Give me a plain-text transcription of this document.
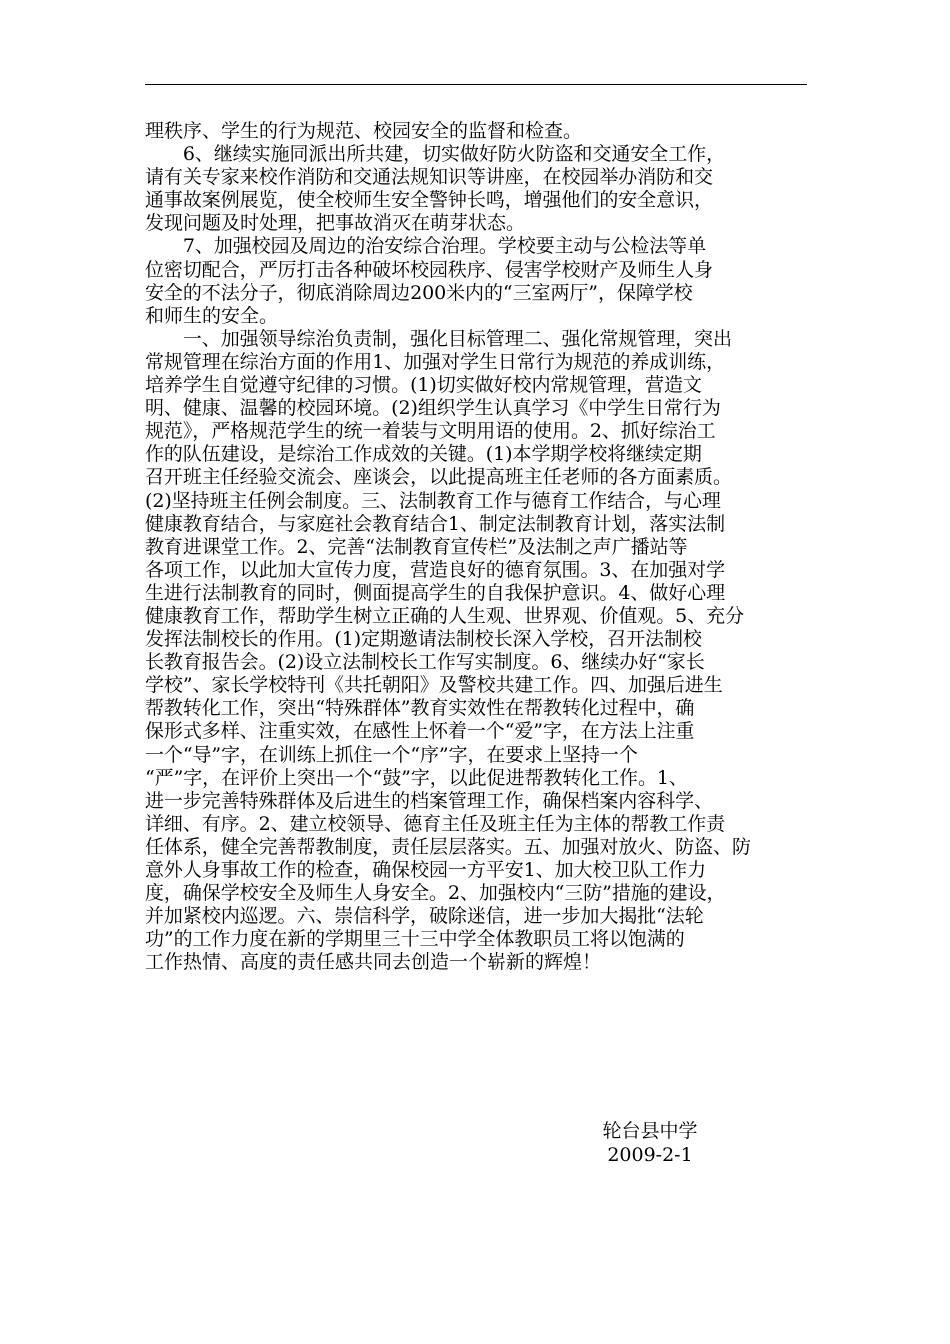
理秩序、学生的行为规范、校园安全的监督和检查。
　　6、继续实施同派出所共建，切实做好防火防盗和交通安全工作，
请有关专家来校作消防和交通法规知识等讲座，在校园举办消防和交
通事故案例展览，使全校师生安全警钟长鸣，增强他们的安全意识，
发现问题及时处理，把事故消灭在萌芽状态。
　　7、加强校园及周边的治安综合治理。学校要主动与公检法等单
位密切配合，严厉打击各种破坏校园秩序、侵害学校财产及师生人身
安全的不法分子，彻底消除周边200米内的“三室两厅”，保障学校
和师生的安全。
　　一、加强领导综治负责制，强化目标管理二、强化常规管理，突出
常规管理在综治方面的作用1、加强对学生日常行为规范的养成训练，
培养学生自觉遵守纪律的习惯。(1)切实做好校内常规管理，营造文
明、健康、温馨的校园环境。(2)组织学生认真学习《中学生日常行为
规范》，严格规范学生的统一着装与文明用语的使用。2、抓好综治工
作的队伍建设，是综治工作成效的关键。(1)本学期学校将继续定期
召开班主任经验交流会、座谈会，以此提高班主任老师的各方面素质。
(2)坚持班主任例会制度。三、法制教育工作与德育工作结合，与心理
健康教育结合，与家庭社会教育结合1、制定法制教育计划，落实法制
教育进课堂工作。2、完善“法制教育宣传栏”及法制之声广播站等
各项工作，以此加大宣传力度，营造良好的德育氛围。3、在加强对学
生进行法制教育的同时，侧面提高学生的自我保护意识。4、做好心理
健康教育工作，帮助学生树立正确的人生观、世界观、价值观。5、充分
发挥法制校长的作用。(1)定期邀请法制校长深入学校，召开法制校
长教育报告会。(2)设立法制校长工作写实制度。6、继续办好“家长
学校”、家长学校特刊《共托朝阳》及警校共建工作。四、加强后进生
帮教转化工作，突出“特殊群体”教育实效性在帮教转化过程中，确
保形式多样、注重实效，在感性上怀着一个“爱”字，在方法上注重
一个“导”字，在训练上抓住一个“序”字，在要求上坚持一个
“严”字，在评价上突出一个“鼓”字，以此促进帮教转化工作。1、
进一步完善特殊群体及后进生的档案管理工作，确保档案内容科学、
详细、有序。2、建立校领导、德育主任及班主任为主体的帮教工作责
任体系，健全完善帮教制度，责任层层落实。五、加强对放火、防盗、防
意外人身事故工作的检查，确保校园一方平安1、加大校卫队工作力
度，确保学校安全及师生人身安全。2、加强校内“三防”措施的建设，
并加紧校内巡逻。六、崇信科学，破除迷信，进一步加大揭批“法轮
功”的工作力度在新的学期里三十三中学全体教职员工将以饱满的
工作热情、高度的责任感共同去创造一个崭新的辉煌！
轮台县中学
2009-2-1
